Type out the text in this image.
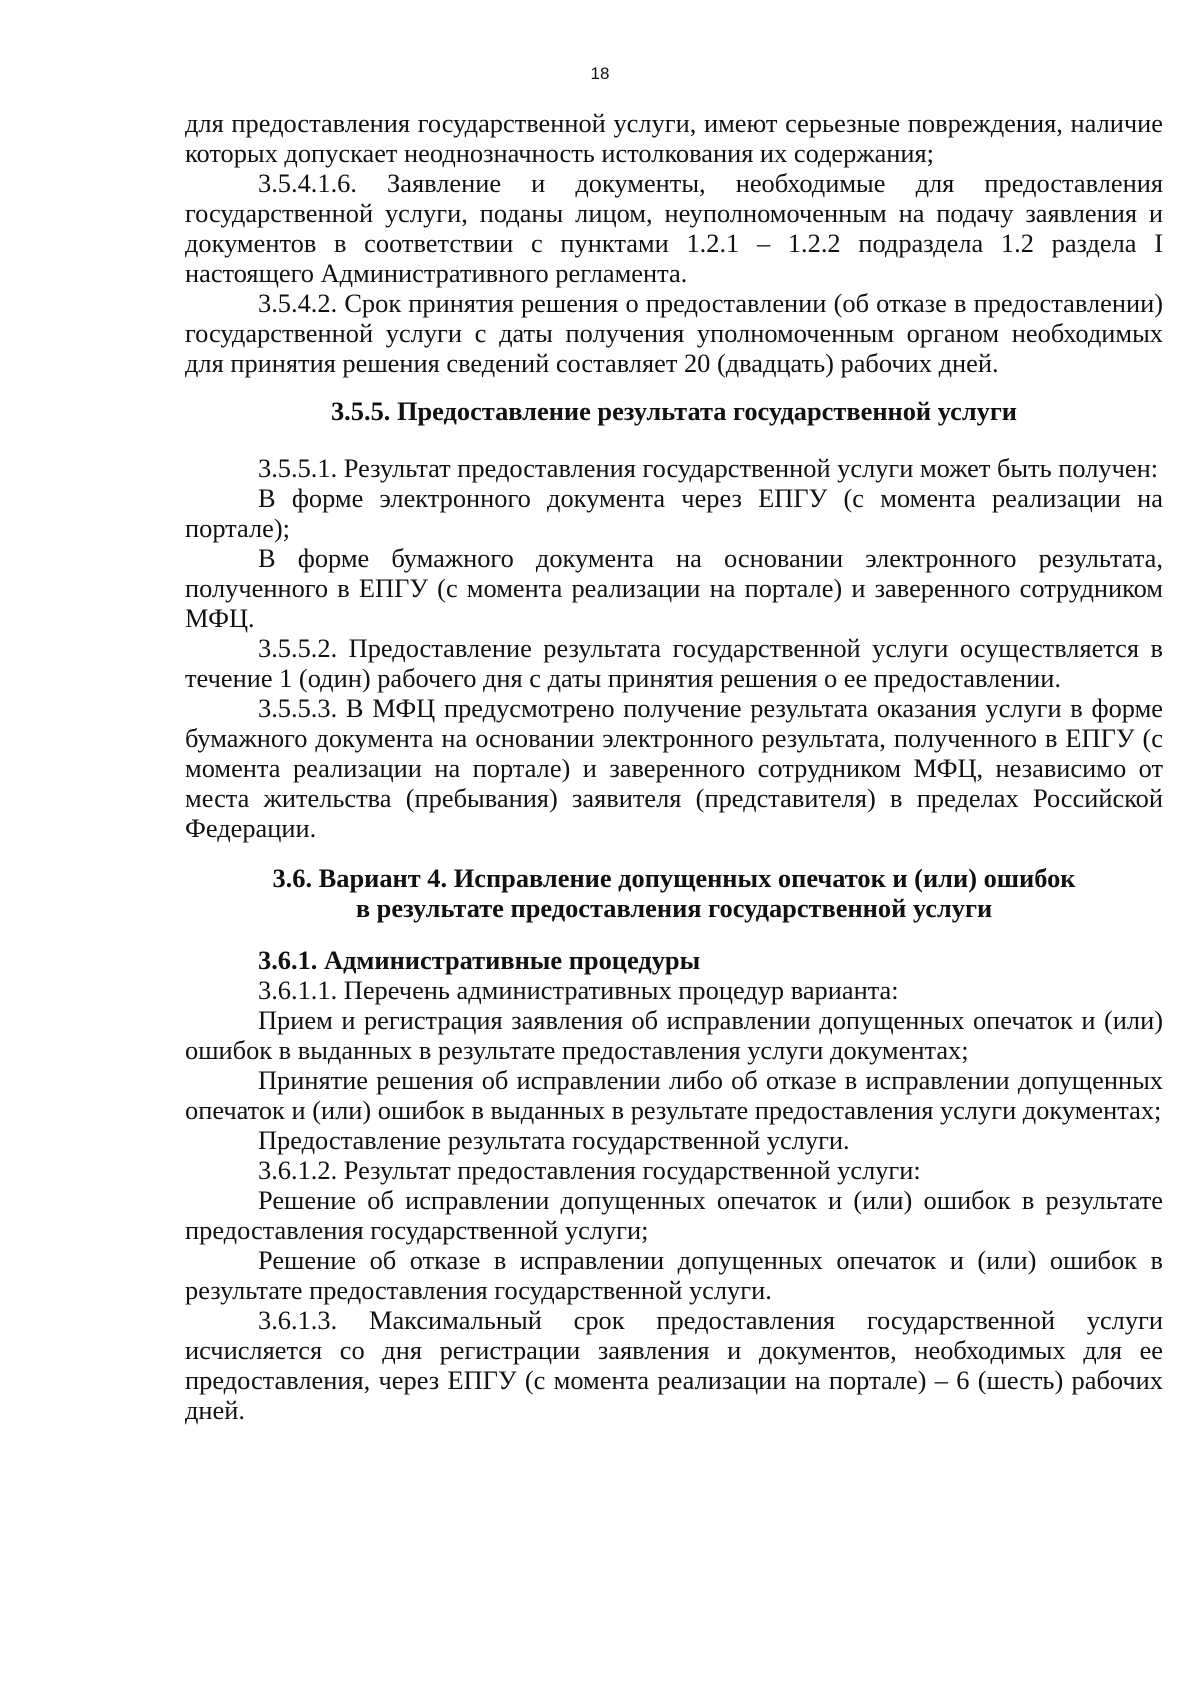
18

для предоставления государственной услуги, имеют серьезные повреждения, наличие которых допускает неоднозначность истолкования их содержания;

3.5.4.1.6. Заявление и документы, необходимые для предоставления государственной услуги, поданы лицом, неуполномоченным на подачу заявления и документов в соответствии с пунктами 1.2.1 – 1.2.2 подраздела 1.2 раздела I настоящего Административного регламента.

3.5.4.2. Срок принятия решения о предоставлении (об отказе в предоставлении) государственной услуги с даты получения уполномоченным органом необходимых для принятия решения сведений составляет 20 (двадцать) рабочих дней.

3.5.5. Предоставление результата государственной услуги

3.5.5.1. Результат предоставления государственной услуги может быть получен:

В форме электронного документа через ЕПГУ (с момента реализации на портале);

В форме бумажного документа на основании электронного результата, полученного в ЕПГУ (с момента реализации на портале) и заверенного сотрудником МФЦ.

3.5.5.2. Предоставление результата государственной услуги осуществляется в течение 1 (один) рабочего дня с даты принятия решения о ее предоставлении.

3.5.5.3. В МФЦ предусмотрено получение результата оказания услуги в форме бумажного документа на основании электронного результата, полученного в ЕПГУ (с момента реализации на портале) и заверенного сотрудником МФЦ, независимо от места жительства (пребывания) заявителя (представителя) в пределах Российской Федерации.

3.6. Вариант 4. Исправление допущенных опечаток и (или) ошибок

в результате предоставления государственной услуги

3.6.1. Административные процедуры

3.6.1.1. Перечень административных процедур варианта:

Прием и регистрация заявления об исправлении допущенных опечаток и (или) ошибок в выданных в результате предоставления услуги документах;

Принятие решения об исправлении либо об отказе в исправлении допущенных опечаток и (или) ошибок в выданных в результате предоставления услуги документах;

Предоставление результата государственной услуги.

3.6.1.2. Результат предоставления государственной услуги:

Решение об исправлении допущенных опечаток и (или) ошибок в результате предоставления государственной услуги;

Решение об отказе в исправлении допущенных опечаток и (или) ошибок в результате предоставления государственной услуги.

3.6.1.3. Максимальный срок предоставления государственной услуги исчисляется со дня регистрации заявления и документов, необходимых для ее предоставления, через ЕПГУ (с момента реализации на портале) – 6 (шесть) рабочих дней.
